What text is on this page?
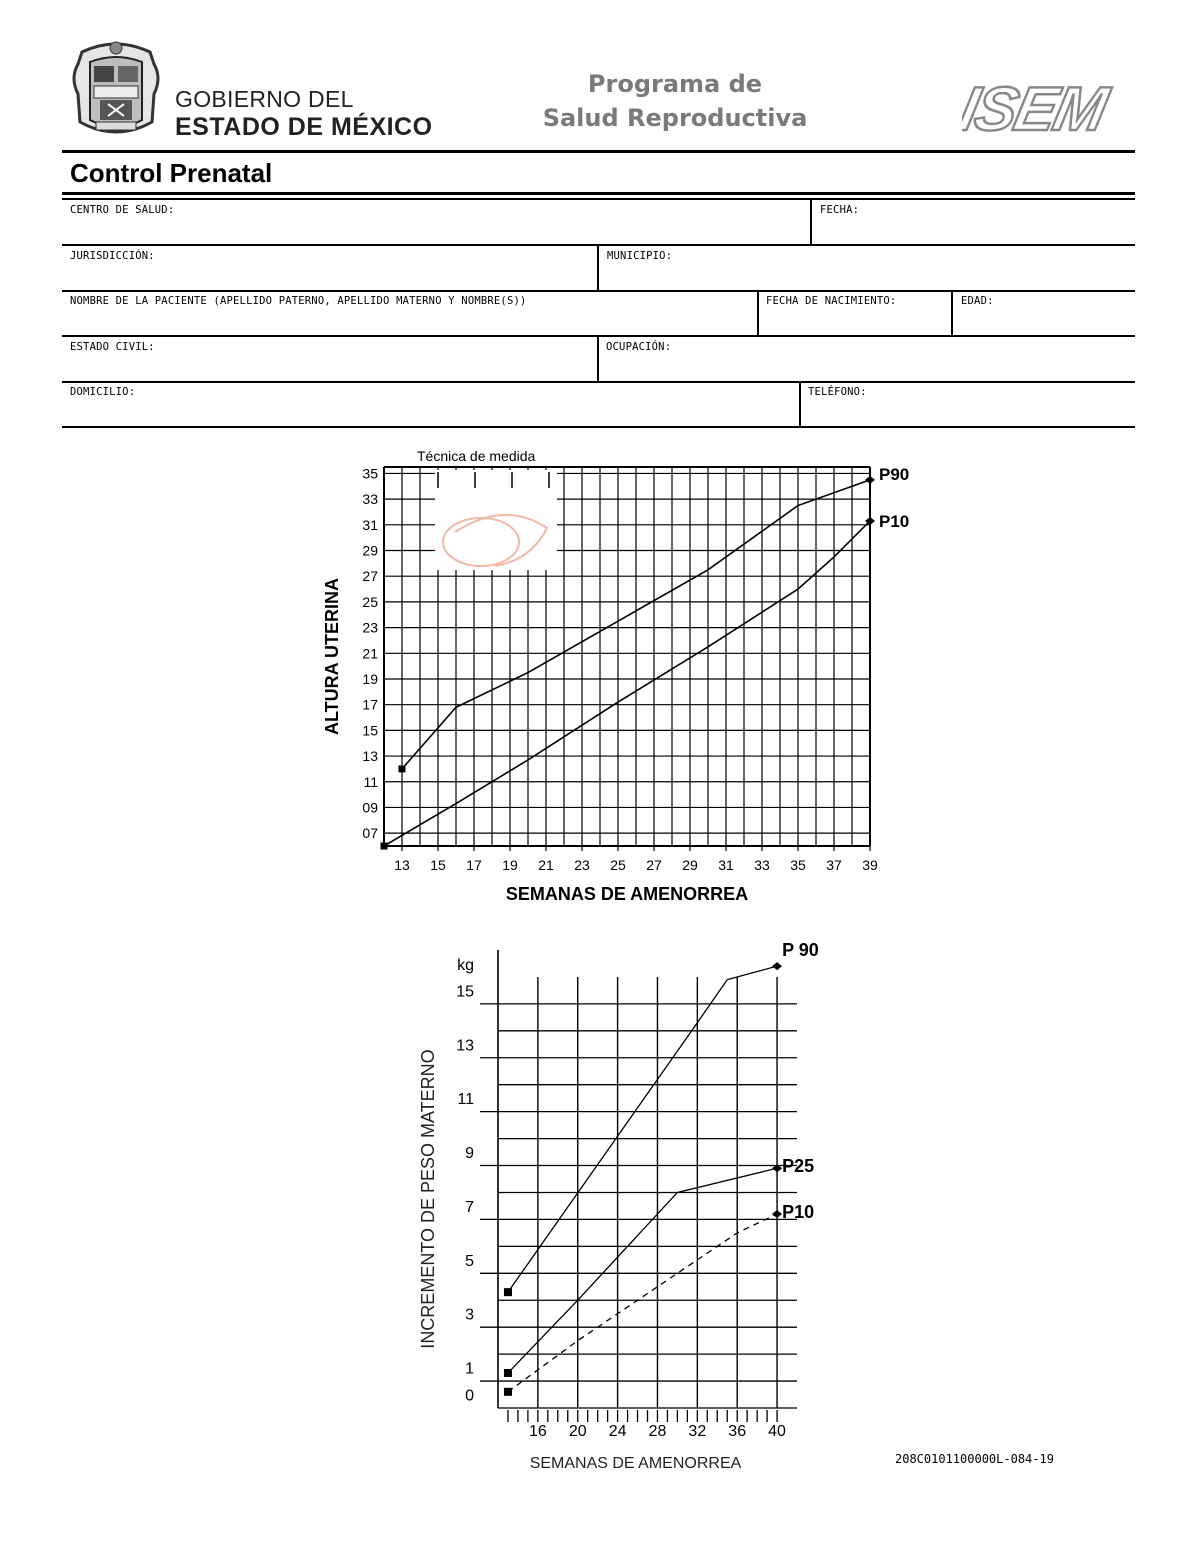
GOBIERNO DEL
ESTADO DE MÉXICO
Programa de
Salud Reproductiva	ISEM
Control Prenatal
CENTRO DE SALUD:	FECHA:
JURISDICCIÓN:	MUNICIPIO:
NOMBRE DE LA PACIENTE (APELLIDO PATERNO, APELLIDO MATERNO Y NOMBRE(S))	FECHA DE NACIMIENTO:	EDAD:
ESTADO CIVIL:	OCUPACIÓN:
DOMICILIO:	TELÉFONO:
Técnica de medida
P90
P10
07
09
11
13
15
17
19
21
23
25
27
29
31
33
35
13 15 17 19 21 23 25 27 29 31 33 35 37 39
SEMANAS DE AMENORREA
ALTURA UTERINA
P 90
P25
P10
0
1
3
5
7
9
11
13
15
kg
16 20 24 28 32 36 40
SEMANAS DE AMENORREA
INCREMENTO DE PESO MATERNO
208C0101100000L-084-19
